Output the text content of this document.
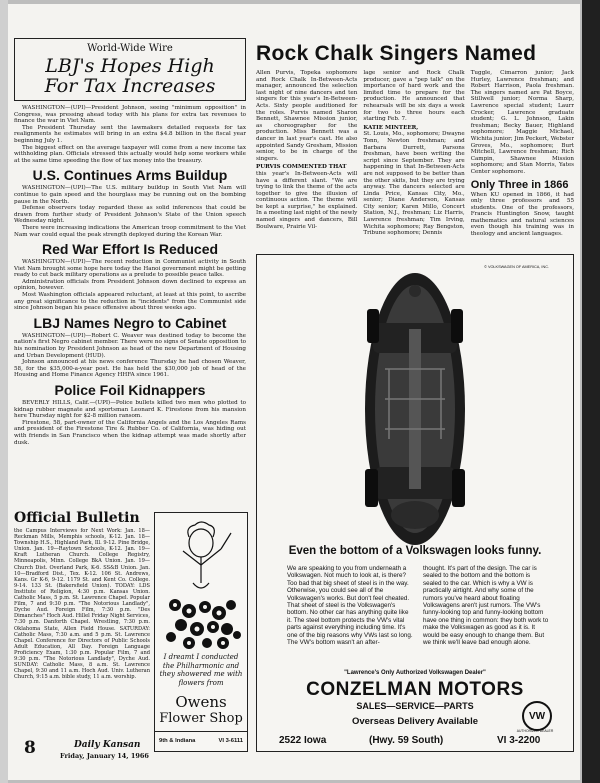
World-Wide Wire
LBJ's Hopes High
For Tax Increases

WASHINGTON—(UPI)—President Johnson, seeing "minimum opposition" in Congress, was pressing ahead today with his plans for extra tax revenues to finance the war in Viet Nam.

The President Thursday sent the lawmakers detailed requests for tax realignments he estimates will bring in an extra $4.8 billion in the fiscal year beginning July 1.

The biggest effect on the average taxpayer will come from a new income tax withholding plan. Officials stressed this actually would help some workers while at the same time speeding the flow of tax money into the treasury.

U.S. Continues Arms Buildup

WASHINGTON—(UPI)—The U.S. military buildup in South Viet Nam will continue to gain speed and the hourglass may be running out on the bombing pause in the North.

Defense observers today regarded these as solid inferences that could be drawn from further study of President Johnson's State of the Union speech Wednesday night.

There were increasing indications the American troop commitment to the Viet Nam war could equal the peak strength deployed during the Korean War.

Red War Effort Is Reduced

WASHINGTON—(UPI)—The recent reduction in Communist activity in South Viet Nam brought some hope here today the Hanoi government might be getting ready to cut back military operations as a prelude to possible peace talks.

Administration officials from President Johnson down declined to express an opinion, however.

Most Washington officials appeared reluctant, at least at this point, to ascribe any great significance to the reduction in "incidents" from the Communist side since Johnson began his peace offensive about three weeks ago.

LBJ Names Negro to Cabinet

WASHINGTON—(UPI)—Robert C. Weaver was destined today to become the nation's first Negro cabinet member. There were no signs of Senate opposition to his nomination by President Johnson as head of the new Department of Housing and Urban Development (HUD).

Johnson announced at his news conference Thursday he had chosen Weaver, 58, for the $35,000-a-year post. He has held the $30,000 job of head of the Housing and Home Finance Agency HHFA since 1961.

Police Foil Kidnappers

BEVERLY HILLS, Calif.—(UPI)—Police bullets killed two men who plotted to kidnap rubber magnate and sportsman Leonard K. Firestone from his mansion here Thursday night for $2-8 million ransom.

Firestone, 58, part-owner of the California Angels and the Los Angeles Rams and president of the Firestone Tire & Rubber Co. of California, was hiding out with friends in San Francisco when the kidnap attempt was made shortly after dusk.

Official Bulletin

the Campus Interviews for Next Work: Jan. 18—Reckman Mills, Memphis schools, K-12. Jan. 18—Township H.S., Highland Park, Ill. 9-12. Pine Bridge, Union. Jan. 19—Raytown Schools, K-12. Jan. 19—Kraft Lutheran Church. College Registry, Minneapolis, Minn. College BkA Union. Jan. 19—Church Dist. Overland Park, K-6. SS&B Union. Jan. 10—Bradford Dist., Tex. K-12. 106 St. Andrews, Kans. Gr K-6, 9-12. 1179 St. and Kent Co. College. 9-14. 133 St. (Bakersfield Union). TODAY: LDS Institute of Religion, 4:30 p.m. Kansas Union. Catholic Mass, 5 p.m. St. Lawrence Chapel. Popular Film, 7 and 9:30 p.m. "The Notorious Landlady", Dyche Aud. Foreign Film, 7:30 p.m. "Des Dimanches" Hoch Aud. Hillel Friday Night Services, 7:30 p.m. Danforth Chapel. Wrestling, 7:30 p.m. Oklahoma State, Allen Field House. SATURDAY: Catholic Mass, 7:30 a.m. and 5 p.m. St. Lawrence Chapel. Conference for Directors of Public Schools Adult Education, All Day. Foreign Language Proficiency Exam, 1:30 p.m. Popular Film, 7 and 9:30 p.m. "The Notorious Landlady", Dyche Aud. SUNDAY: Catholic Mass, 8 a.m. St. Lawrence Chapel, 9:30 and 11 a.m. Hoch Aud. Univ. Lutheran Church, 9:15 a.m. bible study, 11 a.m. worship.

I dreamt I conducted the Philharmonic and they showered me with flowers from

Owens
Flower Shop
9th & Indiana	VI 3-6111
8	Daily Kansan
Friday, January 14, 1966
Rock Chalk Singers Named

Allen Purvis, Topeka sophomore and Rock Chalk In-Between-Acts manager, announced the selection last night of nine dancers and ten singers for this year's In-Between-Acts. Sixty people auditioned for the roles. Purvis named Sharon Bennett, Shawnee Mission junior, as choreographer for the production. Miss Bennett was a dancer in last year's cast. He also appointed Sandy Gresham, Mission senior, to be in charge of the singers.

PURVIS COMMENTED THAT

this year's In-Between-Acts will have a different slant. "We are trying to link the theme of the acts together to give the illusion of continuous action. The theme will be kept a surprise," he explained. In a meeting last night of the newly named singers and dancers, Bill Boulware, Prairie Vil-

lage senior and Rock Chalk producer, gave a "pep talk" on the importance of hard work and the limited time to prepare for the production. He announced that rehearsals will be six days a week for two to three hours each starting Feb. 7.

KATIE MINTEER,

St. Louis, Mo., sophomore; Dwayne Tonn, Newton freshman; and Barbara Durrett, Parsons freshman, have been writing the script since September. They are happening in that In-Between-Acts are not supposed to be better than the other skits, but they are trying anyway. The dancers selected are Linda Price, Kansas City, Mo., senior; Diane Anderson, Kansas City senior; Karen Millo, Concert Station, N.J., freshman; Liz Harris, Lawrence freshman; Tim Irving, Wichita sophomore; Ray Bengston, Tribune sophomore; Dennis

Tuggle, Cimarron junior; Jack Hurley, Lawrence freshman; and Robert Harrison, Paola freshman. The singers named are Pat Boyce, Stillwell junior; Norma Sharp, Lawrence special student; Laurr Crocker, Lawrence graduate student; G. L. Johnson, Lakin freshman; Becky Bauer, Highland sophomore; Maggie Michael, Wichita junior; Jim Peckert, Webster Groves, Mo., sophomore; Burt Mitchell, Lawrence freshman; Rich Campin, Shawnee Mission sophomore; and Stan Morris, Yates Center sophomore.

Only Three in 1866

When KU opened in 1866, it had only three professors and 55 students. One of the professors, Francis Huntington Snow, taught mathematics and natural sciences even though his training was in theology and ancient languages.

© VOLKSWAGEN OF AMERICA, INC.
Even the bottom of a Volkswagen looks funny.

We are speaking to you from underneath a Volkswagen. Not much to look at, is there? Too bad that big sheet of steel is in the way. Otherwise, you could see all of the Volkswagen's works. But don't feel cheated. That sheet of steel is the Volkswagen's bottom. No other car has anything quite like it. The steel bottom protects the VW's vital parts against everything including time. It's one of the big reasons why VWs last so long. The VW's bottom wasn't an after-

thought. It's part of the design. The car is sealed to the bottom and the bottom is sealed to the car. Which is why a VW is practically airtight. And why some of the rumors you've heard about floating Volkswagens aren't just rumors. The VW's funny-looking top and funny-looking bottom have one thing in common: they both work to make the Volkswagen as good as it is. It would be easy enough to change them. But we think we'll leave bad enough alone.

"Lawrence's Only Authorized Volkswagen Dealer"
CONZELMAN MOTORS
SALES—SERVICE—PARTS
Overseas Delivery Available
2522 Iowa	(Hwy. 59 South)	VI 3-2200
VW
AUTHORIZED DEALER
